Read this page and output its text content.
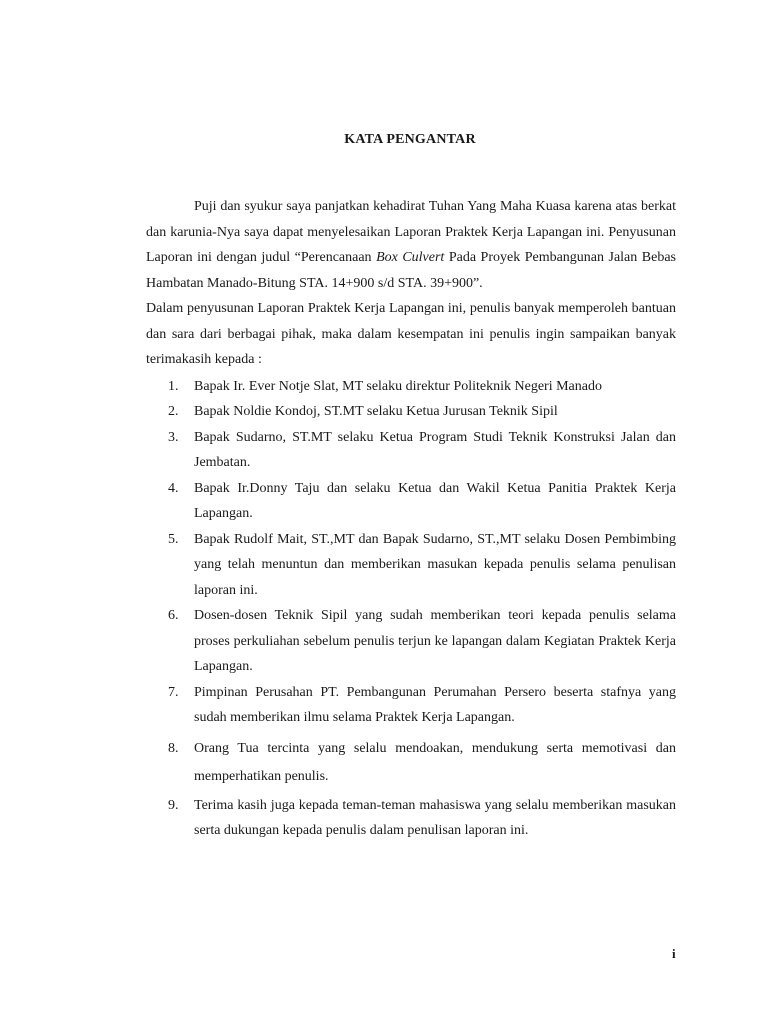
KATA PENGANTAR

Puji dan syukur saya panjatkan kehadirat Tuhan Yang Maha Kuasa karena atas berkat dan karunia-Nya saya dapat menyelesaikan Laporan Praktek Kerja Lapangan ini. Penyusunan Laporan ini dengan judul “Perencanaan Box Culvert Pada Proyek Pembangunan Jalan Bebas Hambatan Manado-Bitung STA. 14+900 s/d STA. 39+900”.

Dalam penyusunan Laporan Praktek Kerja Lapangan ini, penulis banyak memperoleh bantuan dan sara dari berbagai pihak, maka dalam kesempatan ini penulis ingin sampaikan banyak terimakasih kepada :

1. Bapak Ir. Ever Notje Slat, MT selaku direktur Politeknik Negeri Manado
2. Bapak Noldie Kondoj, ST.MT selaku Ketua Jurusan Teknik Sipil
3. Bapak Sudarno, ST.MT selaku Ketua Program Studi Teknik Konstruksi Jalan dan Jembatan.
4. Bapak Ir.Donny Taju dan selaku Ketua dan Wakil Ketua Panitia Praktek Kerja Lapangan.
5. Bapak Rudolf Mait, ST.,MT dan Bapak Sudarno, ST.,MT selaku Dosen Pembimbing yang telah menuntun dan memberikan masukan kepada penulis selama penulisan laporan ini.
6. Dosen-dosen Teknik Sipil yang sudah memberikan teori kepada penulis selama proses perkuliahan sebelum penulis terjun ke lapangan dalam Kegiatan Praktek Kerja Lapangan.
7. Pimpinan Perusahan PT. Pembangunan Perumahan Persero beserta stafnya yang sudah memberikan ilmu selama Praktek Kerja Lapangan.
8. Orang Tua tercinta yang selalu mendoakan, mendukung serta memotivasi dan memperhatikan penulis.
9. Terima kasih juga kepada teman-teman mahasiswa yang selalu memberikan masukan serta dukungan kepada penulis dalam penulisan laporan ini.

i
